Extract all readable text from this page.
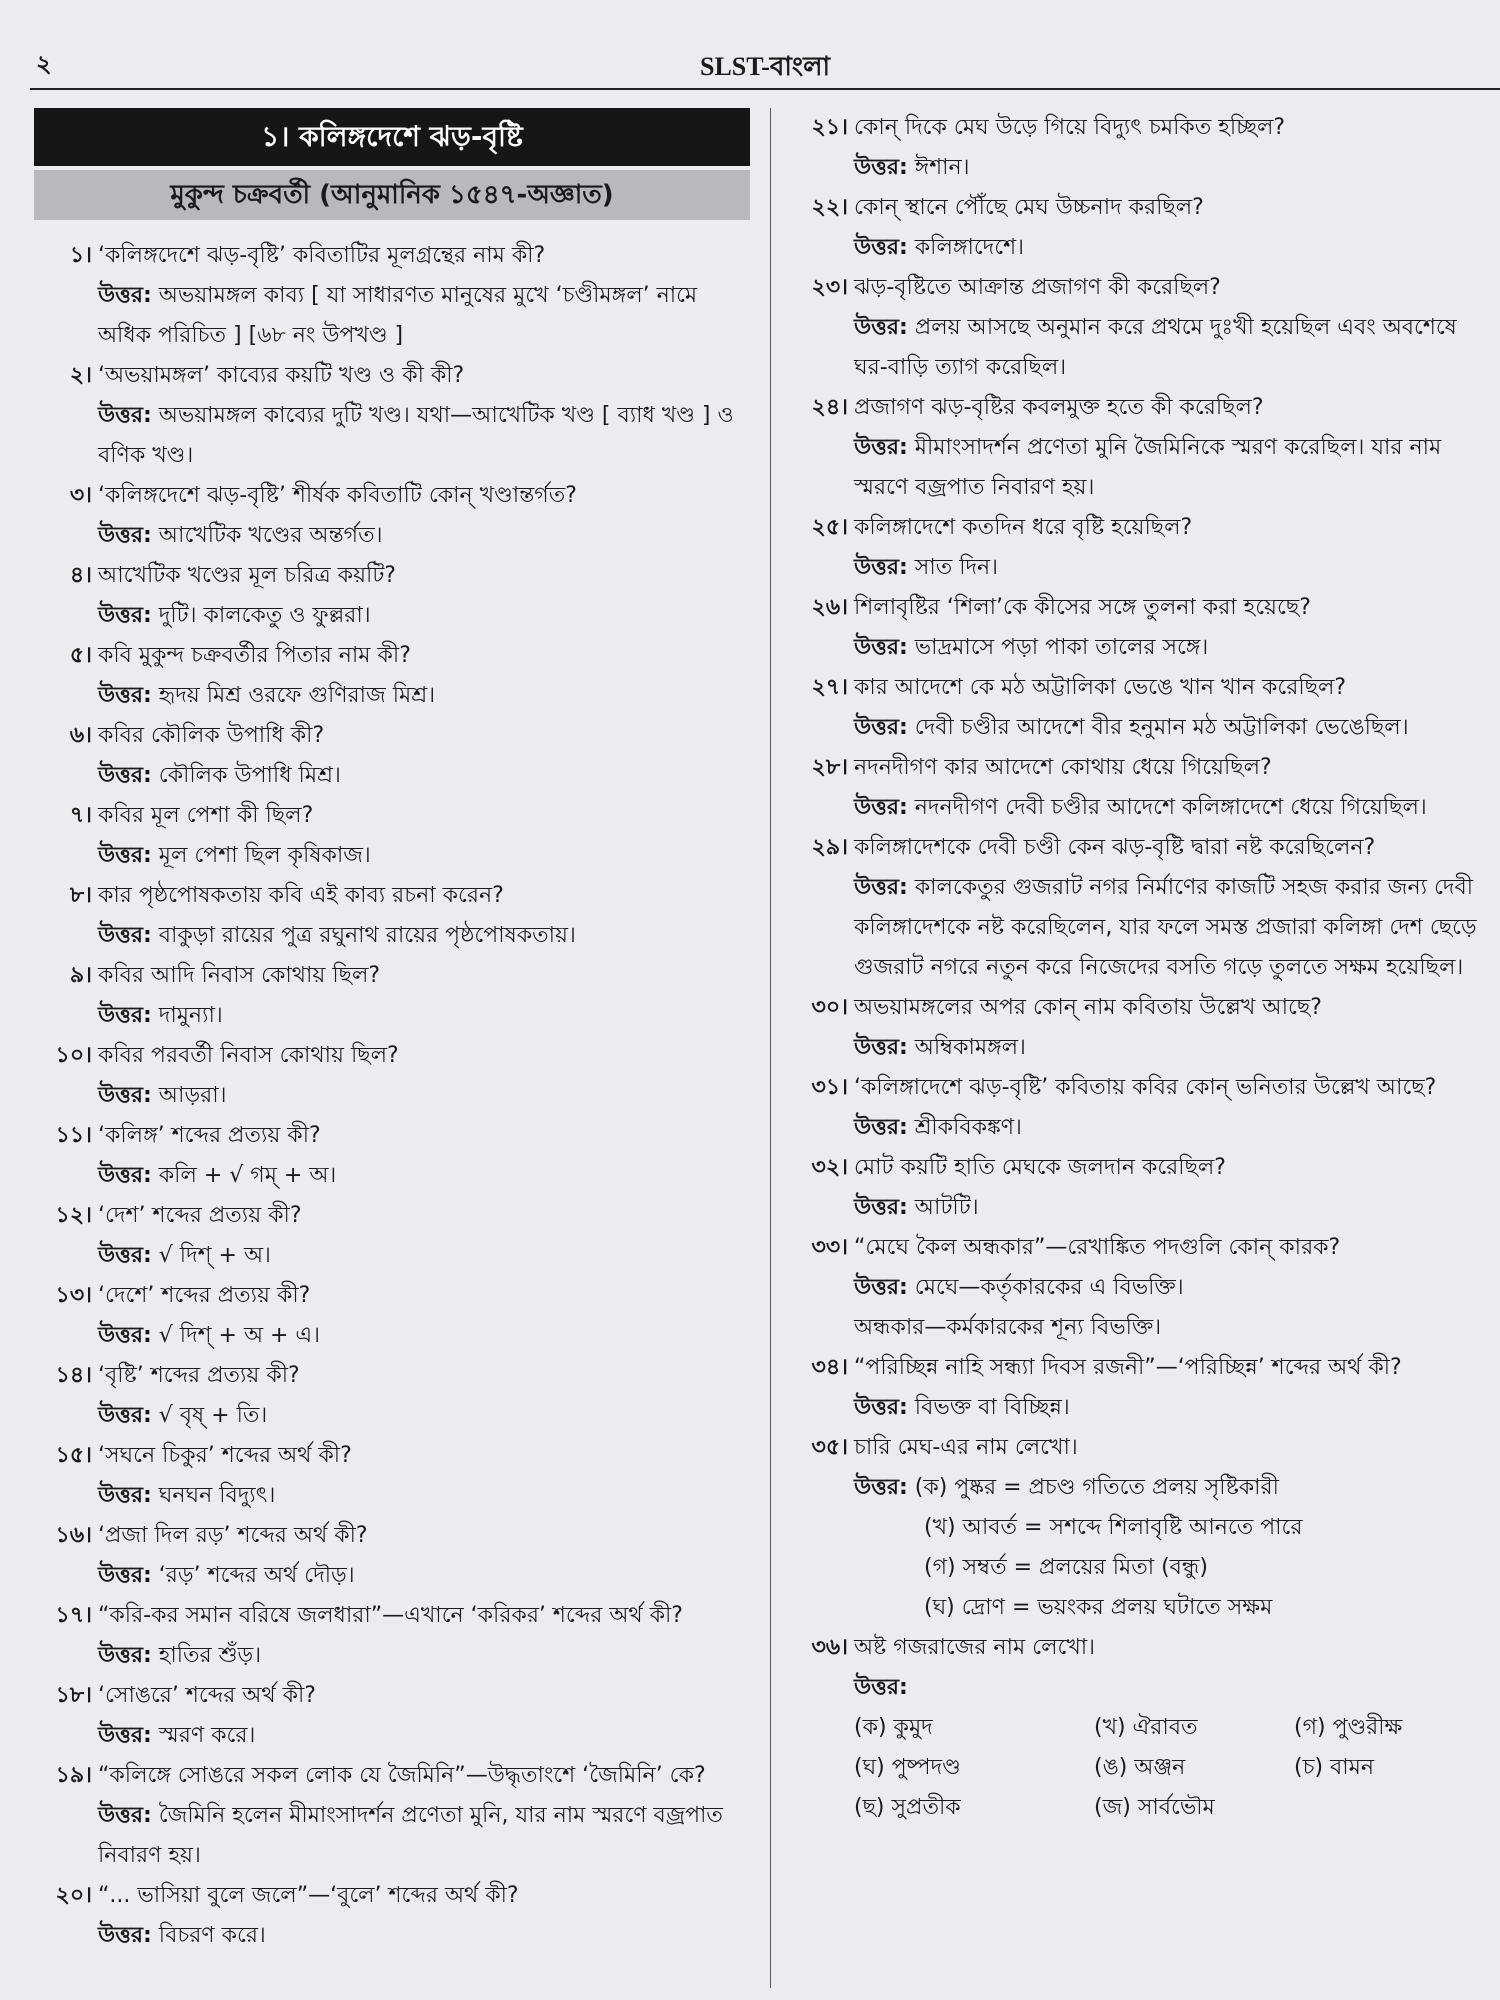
২	SLST-বাংলা
১। কলিঙ্গদেশে ঝড়-বৃষ্টি
মুকুন্দ চক্রবর্তী (আনুমানিক ১৫৪৭-অজ্ঞাত)
১। ‘কলিঙ্গদেশে ঝড়-বৃষ্টি’ কবিতাটির মূলগ্রন্থের নাম কী?
উত্তর: অভয়ামঙ্গল কাব্য [ যা সাধারণত মানুষের মুখে ‘চণ্ডীমঙ্গল’ নামে অধিক পরিচিত ] [৬৮ নং উপখণ্ড ]
২। ‘অভয়ামঙ্গল’ কাব্যের কয়টি খণ্ড ও কী কী?
উত্তর: অভয়ামঙ্গল কাব্যের দুটি খণ্ড। যথা—আখেটিক খণ্ড [ ব্যাধ খণ্ড ] ও বণিক খণ্ড।
৩। ‘কলিঙ্গদেশে ঝড়-বৃষ্টি’ শীর্ষক কবিতাটি কোন্ খণ্ডান্তর্গত?
উত্তর: আখেটিক খণ্ডের অন্তর্গত।
৪। আখেটিক খণ্ডের মূল চরিত্র কয়টি?
উত্তর: দুটি। কালকেতু ও ফুল্লরা।
৫। কবি মুকুন্দ চক্রবর্তীর পিতার নাম কী?
উত্তর: হৃদয় মিশ্র ওরফে গুণিরাজ মিশ্র।
৬। কবির কৌলিক উপাধি কী?
উত্তর: কৌলিক উপাধি মিশ্র।
৭। কবির মূল পেশা কী ছিল?
উত্তর: মূল পেশা ছিল কৃষিকাজ।
৮। কার পৃষ্ঠপোষকতায় কবি এই কাব্য রচনা করেন?
উত্তর: বাকুড়া রায়ের পুত্র রঘুনাথ রায়ের পৃষ্ঠপোষকতায়।
৯। কবির আদি নিবাস কোথায় ছিল?
উত্তর: দামুন্যা।
১০। কবির পরবর্তী নিবাস কোথায় ছিল?
উত্তর: আড়রা।
১১। ‘কলিঙ্গ’ শব্দের প্রত্যয় কী?
উত্তর: কলি + √ গম্ + অ।
১২। ‘দেশ’ শব্দের প্রত্যয় কী?
উত্তর: √ দিশ্ + অ।
১৩। ‘দেশে’ শব্দের প্রত্যয় কী?
উত্তর: √ দিশ্ + অ + এ।
১৪। ‘বৃষ্টি’ শব্দের প্রত্যয় কী?
উত্তর: √ বৃষ্ + তি।
১৫। ‘সঘনে চিকুর’ শব্দের অর্থ কী?
উত্তর: ঘনঘন বিদ্যুৎ।
১৬। ‘প্রজা দিল রড়’ শব্দের অর্থ কী?
উত্তর: ‘রড়’ শব্দের অর্থ দৌড়।
১৭। “করি-কর সমান বরিষে জলধারা”—এখানে ‘করিকর’ শব্দের অর্থ কী?
উত্তর: হাতির শুঁড়।
১৮। ‘সোঙরে’ শব্দের অর্থ কী?
উত্তর: স্মরণ করে।
১৯। “কলিঙ্গে সোঙরে সকল লোক যে জৈমিনি”—উদ্ধৃতাংশে ‘জৈমিনি’ কে?
উত্তর: জৈমিনি হলেন মীমাংসাদর্শন প্রণেতা মুনি, যার নাম স্মরণে বজ্রপাত নিবারণ হয়।
২০। “... ভাসিয়া বুলে জলে”—‘বুলে’ শব্দের অর্থ কী?
উত্তর: বিচরণ করে।
২১। কোন্ দিকে মেঘ উড়ে গিয়ে বিদ্যুৎ চমকিত হচ্ছিল?
উত্তর: ঈশান।
২২। কোন্ স্থানে পৌঁছে মেঘ উচ্চনাদ করছিল?
উত্তর: কলিঙ্গাদেশে।
২৩। ঝড়-বৃষ্টিতে আক্রান্ত প্রজাগণ কী করেছিল?
উত্তর: প্রলয় আসছে অনুমান করে প্রথমে দুঃখী হয়েছিল এবং অবশেষে ঘর-বাড়ি ত্যাগ করেছিল।
২৪। প্রজাগণ ঝড়-বৃষ্টির কবলমুক্ত হতে কী করেছিল?
উত্তর: মীমাংসাদর্শন প্রণেতা মুনি জৈমিনিকে স্মরণ করেছিল। যার নাম স্মরণে বজ্রপাত নিবারণ হয়।
২৫। কলিঙ্গাদেশে কতদিন ধরে বৃষ্টি হয়েছিল?
উত্তর: সাত দিন।
২৬। শিলাবৃষ্টির ‘শিলা’কে কীসের সঙ্গে তুলনা করা হয়েছে?
উত্তর: ভাদ্রমাসে পড়া পাকা তালের সঙ্গে।
২৭। কার আদেশে কে মঠ অট্টালিকা ভেঙে খান খান করেছিল?
উত্তর: দেবী চণ্ডীর আদেশে বীর হনুমান মঠ অট্টালিকা ভেঙেছিল।
২৮। নদনদীগণ কার আদেশে কোথায় ধেয়ে গিয়েছিল?
উত্তর: নদনদীগণ দেবী চণ্ডীর আদেশে কলিঙ্গাদেশে ধেয়ে গিয়েছিল।
২৯। কলিঙ্গাদেশকে দেবী চণ্ডী কেন ঝড়-বৃষ্টি দ্বারা নষ্ট করেছিলেন?
উত্তর: কালকেতুর গুজরাট নগর নির্মাণের কাজটি সহজ করার জন্য দেবী কলিঙ্গাদেশকে নষ্ট করেছিলেন, যার ফলে সমস্ত প্রজারা কলিঙ্গা দেশ ছেড়ে গুজরাট নগরে নতুন করে নিজেদের বসতি গড়ে তুলতে সক্ষম হয়েছিল।
৩০। অভয়ামঙ্গলের অপর কোন্ নাম কবিতায় উল্লেখ আছে?
উত্তর: অম্বিকামঙ্গল।
৩১। ‘কলিঙ্গাদেশে ঝড়-বৃষ্টি’ কবিতায় কবির কোন্ ভনিতার উল্লেখ আছে?
উত্তর: শ্রীকবিকঙ্কণ।
৩২। মোট কয়টি হাতি মেঘকে জলদান করেছিল?
উত্তর: আটটি।
৩৩। “মেঘে কৈল অন্ধকার”—রেখাঙ্কিত পদগুলি কোন্ কারক?
উত্তর: মেঘে—কর্তৃকারকের এ বিভক্তি।
অন্ধকার—কর্মকারকের শূন্য বিভক্তি।
৩৪। “পরিচ্ছিন্ন নাহি সন্ধ্যা দিবস রজনী”—‘পরিচ্ছিন্ন’ শব্দের অর্থ কী?
উত্তর: বিভক্ত বা বিচ্ছিন্ন।
৩৫। চারি মেঘ-এর নাম লেখো।
উত্তর: (ক) পুষ্কর = প্রচণ্ড গতিতে প্রলয় সৃষ্টিকারী
(খ) আবর্ত = সশব্দে শিলাবৃষ্টি আনতে পারে
(গ) সম্বর্ত = প্রলয়ের মিতা (বন্ধু)
(ঘ) দ্রোণ = ভয়ংকর প্রলয় ঘটাতে সক্ষম
৩৬। অষ্ট গজরাজের নাম লেখো।
উত্তর:
(ক) কুমুদ	(খ) ঐরাবত	(গ) পুণ্ডরীক্ষ
(ঘ) পুষ্পদণ্ড	(ঙ) অঞ্জন	(চ) বামন
(ছ) সুপ্রতীক	(জ) সার্বভৌম
